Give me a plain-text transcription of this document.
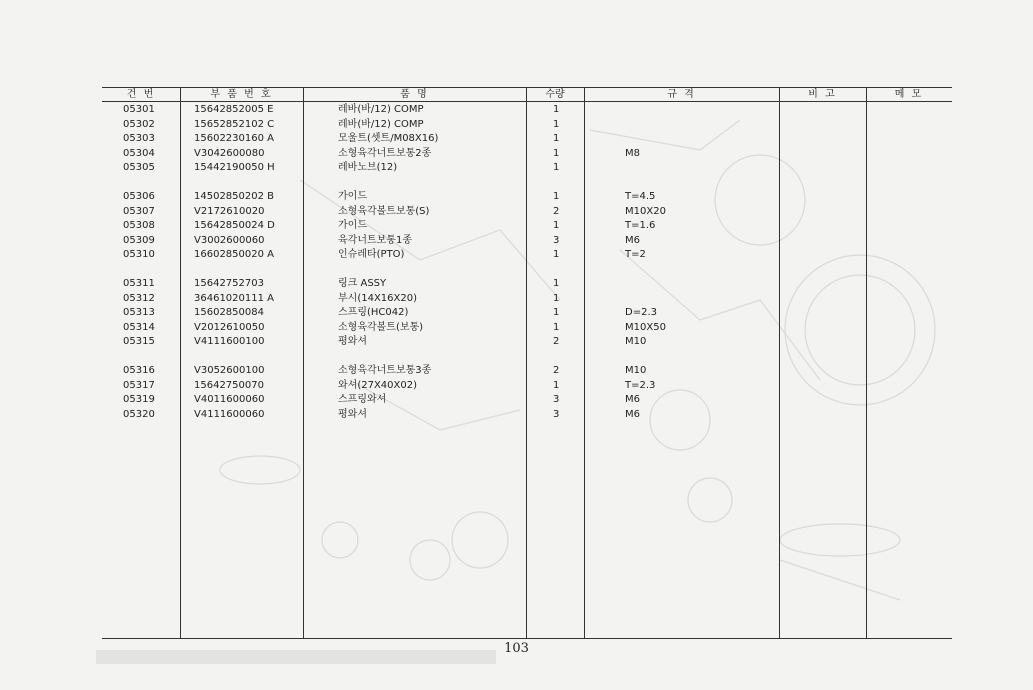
건 번	부 품 번 호	품 명	수량	규 격	비 고	메 모
05301	15642852005 E	레바(바/12) COMP	1
05302	15652852102 C	레바(바/12) COMP	1
05303	15602230160 A	모울트(셋트/M08X16)	1
05304	V3042600080	소형육각너트보통2종	1	M8
05305	15442190050 H	레바노브(12)	1
05306	14502850202 B	가이드	1	T=4.5
05307	V2172610020	소형육각볼트보통(S)	2	M10X20
05308	15642850024 D	가이드	1	T=1.6
05309	V3002600060	육각너트보통1종	3	M6
05310	16602850020 A	인슈레타(PTO)	1	T=2
05311	15642752703	링크 ASSY	1
05312	36461020111 A	부시(14X16X20)	1
05313	15602850084	스프링(HC042)	1	D=2.3
05314	V2012610050	소형육각볼트(보통)	1	M10X50
05315	V4111600100	평와셔	2	M10
05316	V3052600100	소형육각너트보통3종	2	M10
05317	15642750070	와셔(27X40X02)	1	T=2.3
05319	V4011600060	스프링와셔	3	M6
05320	V4111600060	평와셔	3	M6
103
